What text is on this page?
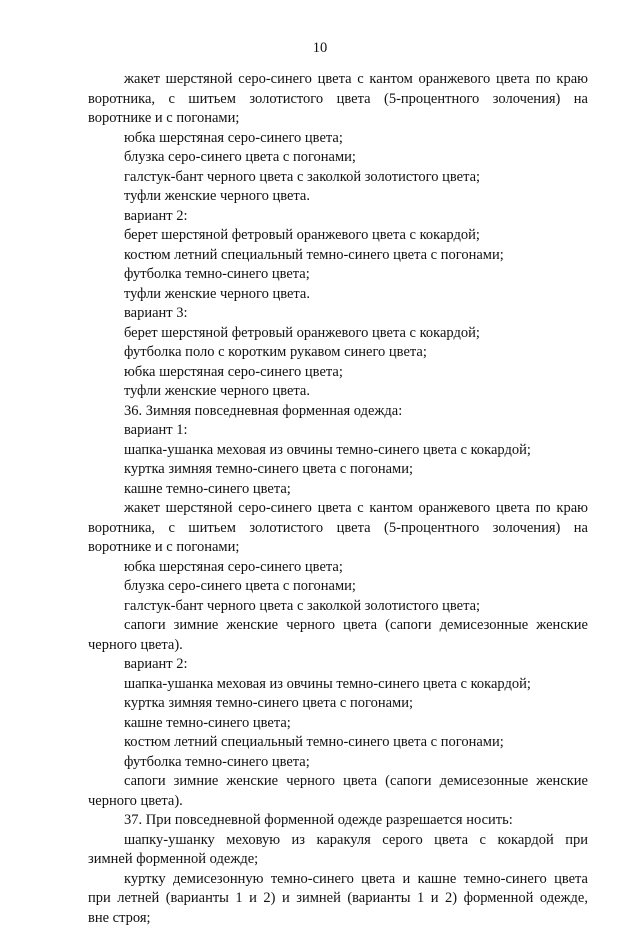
10
жакет шерстяной серо-синего цвета с кантом оранжевого цвета по краю
воротника, с шитьем золотистого цвета (5-процентного золочения) на
воротнике и с погонами;
юбка шерстяная серо-синего цвета;
блузка серо-синего цвета с погонами;
галстук-бант черного цвета с заколкой золотистого цвета;
туфли женские черного цвета.
вариант 2:
берет шерстяной фетровый оранжевого цвета с кокардой;
костюм летний специальный темно-синего цвета с погонами;
футболка темно-синего цвета;
туфли женские черного цвета.
вариант 3:
берет шерстяной фетровый оранжевого цвета с кокардой;
футболка поло с коротким рукавом синего цвета;
юбка шерстяная серо-синего цвета;
туфли женские черного цвета.
36. Зимняя повседневная форменная одежда:
вариант 1:
шапка-ушанка меховая из овчины темно-синего цвета с кокардой;
куртка зимняя темно-синего цвета с погонами;
кашне темно-синего цвета;
жакет шерстяной серо-синего цвета с кантом оранжевого цвета по краю
воротника, с шитьем золотистого цвета (5-процентного золочения) на
воротнике и с погонами;
юбка шерстяная серо-синего цвета;
блузка серо-синего цвета с погонами;
галстук-бант черного цвета с заколкой золотистого цвета;
сапоги зимние женские черного цвета (сапоги демисезонные женские
черного цвета).
вариант 2:
шапка-ушанка меховая из овчины темно-синего цвета с кокардой;
куртка зимняя темно-синего цвета с погонами;
кашне темно-синего цвета;
костюм летний специальный темно-синего цвета с погонами;
футболка темно-синего цвета;
сапоги зимние женские черного цвета (сапоги демисезонные женские
черного цвета).
37. При повседневной форменной одежде разрешается носить:
шапку-ушанку меховую из каракуля серого цвета с кокардой при
зимней форменной одежде;
куртку демисезонную темно-синего цвета и кашне темно-синего цвета
при летней (варианты 1 и 2) и зимней (варианты 1 и 2) форменной одежде,
вне строя;
